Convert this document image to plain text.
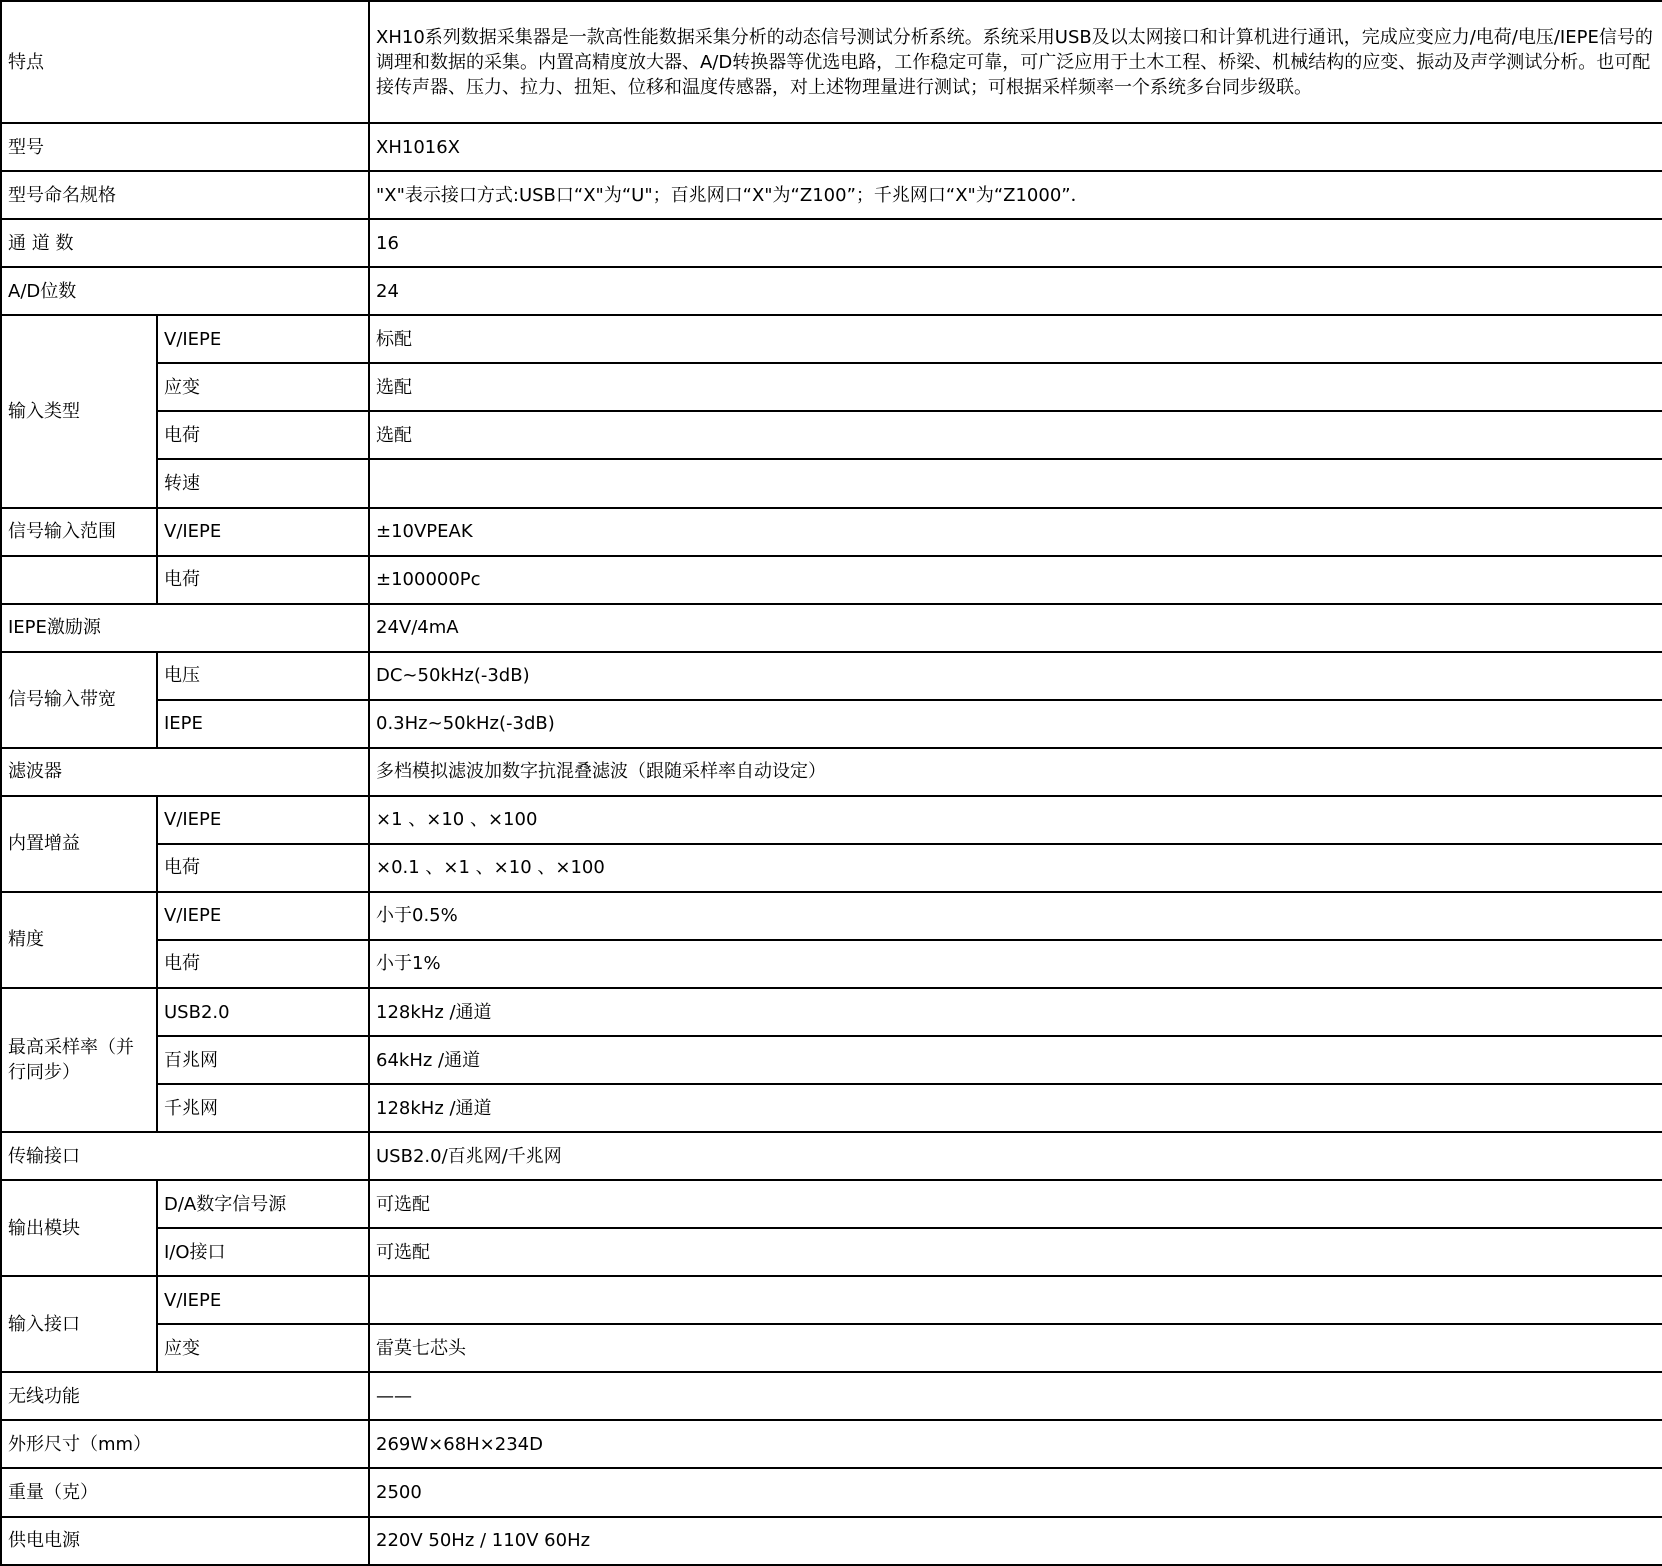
特点		XH10系列数据采集器是一款高性能数据采集分析的动态信号测试分析系统。系统采用USB及以太网接口和计算机进行通讯，完成应变应力/电荷/电压/IEPE信号的调理和数据的采集。内置高精度放大器、A/D转换器等优选电路，工作稳定可靠，可广泛应用于土木工程、桥梁、机械结构的应变、振动及声学测试分析。也可配接传声器、压力、拉力、扭矩、位移和温度传感器，对上述物理量进行测试；可根据采样频率一个系统多台同步级联。
型号		XH1016X
型号命名规格		"X"表示接口方式:USB口“X"为“U"；百兆网口“X"为“Z100”；千兆网口“X"为“Z1000”．
通 道 数		16
A/D位数		24
输入类型	V/IEPE	标配
	应变	选配
	电荷	选配
	转速	
信号输入范围	V/IEPE	±10VPEAK
	电荷	±100000Pc
IEPE激励源		24V/4mA
信号输入带宽	电压	DC~50kHz(-3dB)
	IEPE	0.3Hz~50kHz(-3dB)
滤波器		多档模拟滤波加数字抗混叠滤波（跟随采样率自动设定）
内置增益	V/IEPE	×1 、×10 、×100
	电荷	×0.1 、×1 、×10 、×100
精度	V/IEPE	小于0.5%
	电荷	小于1%
最高采样率（并行同步）	USB2.0	128kHz /通道
	百兆网	64kHz /通道
	千兆网	128kHz /通道
传输接口		USB2.0/百兆网/千兆网
输出模块	D/A数字信号源	可选配
	I/O接口	可选配
输入接口	V/IEPE	
	应变	雷莫七芯头
无线功能		——
外形尺寸（mm）		269W×68H×234D
重量（克）		2500
供电电源		220V 50Hz / 110V 60Hz
